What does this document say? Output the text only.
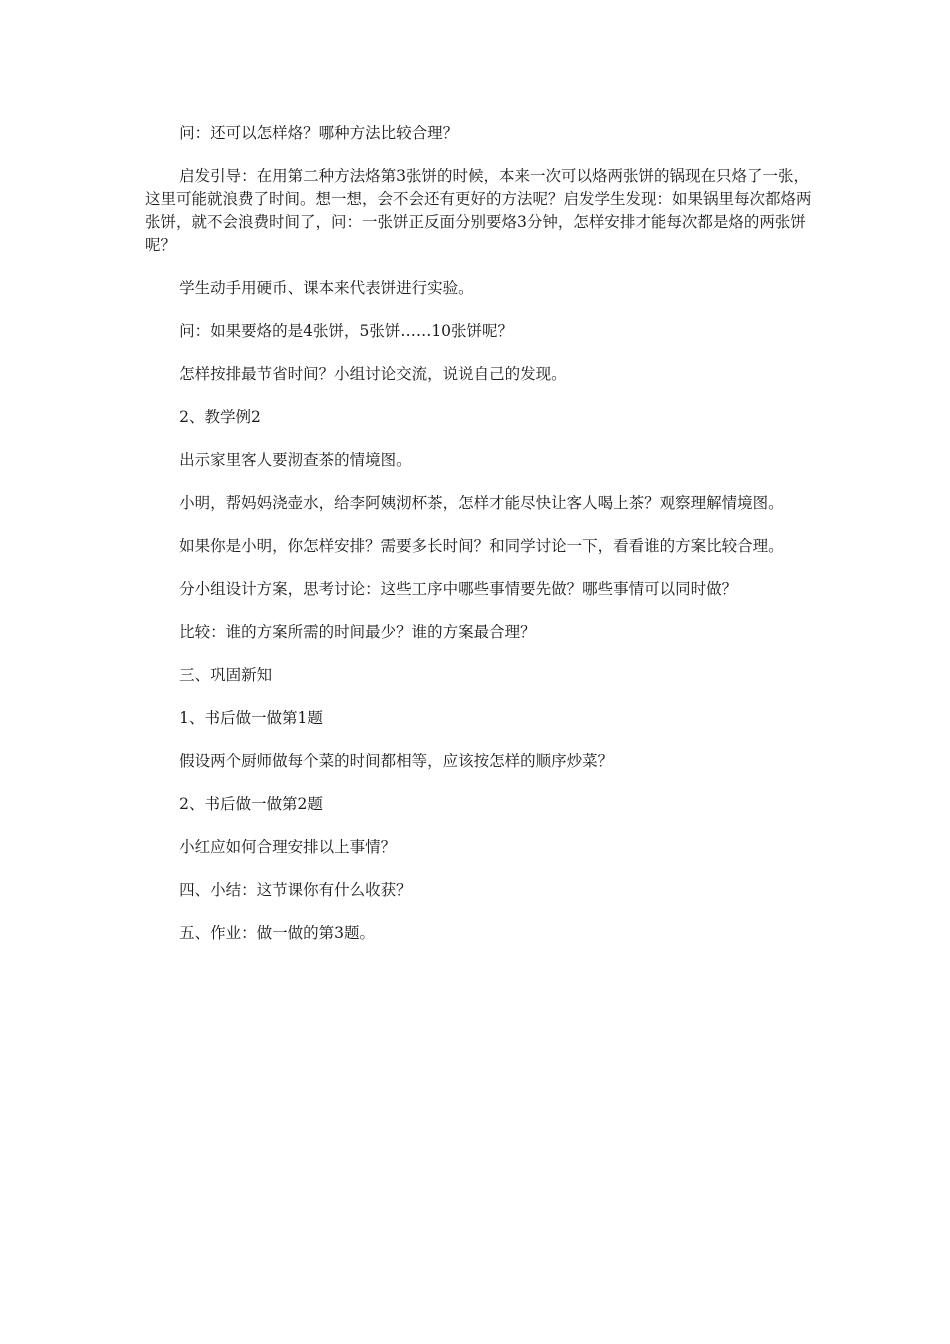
问：还可以怎样烙？哪种方法比较合理？

启发引导：在用第二种方法烙第3张饼的时候，本来一次可以烙两张饼的锅现在只烙了一张，这里可能就浪费了时间。想一想，会不会还有更好的方法呢？启发学生发现：如果锅里每次都烙两张饼，就不会浪费时间了，问：一张饼正反面分别要烙3分钟，怎样安排才能每次都是烙的两张饼呢？

学生动手用硬币、课本来代表饼进行实验。

问：如果要烙的是4张饼，5张饼……10张饼呢？

怎样按排最节省时间？小组讨论交流，说说自己的发现。

2、教学例2

出示家里客人要沏查茶的情境图。

小明，帮妈妈浇壶水，给李阿姨沏杯茶，怎样才能尽快让客人喝上茶？观察理解情境图。

如果你是小明，你怎样安排？需要多长时间？和同学讨论一下，看看谁的方案比较合理。

分小组设计方案，思考讨论：这些工序中哪些事情要先做？哪些事情可以同时做？

比较：谁的方案所需的时间最少？谁的方案最合理？

三、巩固新知

1、书后做一做第1题

假设两个厨师做每个菜的时间都相等，应该按怎样的顺序炒菜？

2、书后做一做第2题

小红应如何合理安排以上事情？

四、小结：这节课你有什么收获？

五、作业：做一做的第3题。
